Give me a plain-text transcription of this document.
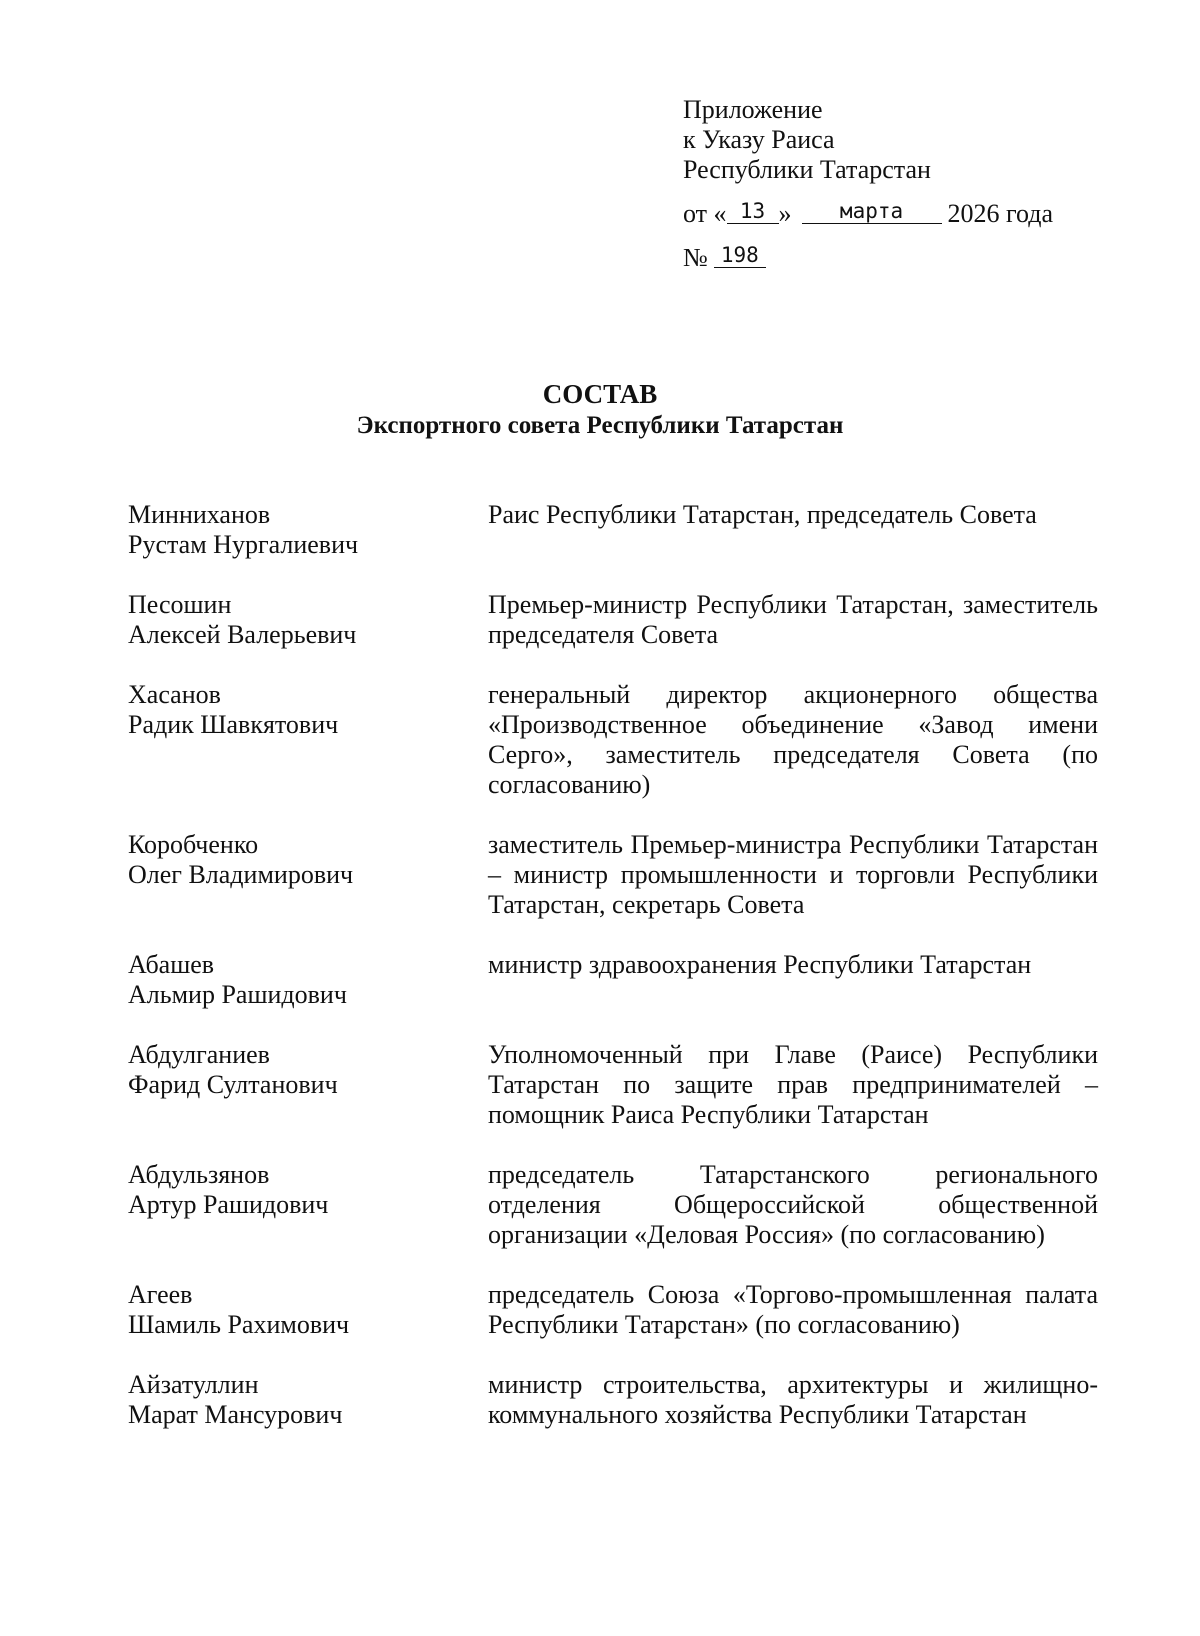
Приложение
к Указу Раиса
Республики Татарстан
от « 13 » марта 2026 года
№ 198
СОСТАВ
Экспортного совета Республики Татарстан
Минниханов
Рустам Нургалиевич
Раис Республики Татарстан, председатель Совета
Песошин
Алексей Валерьевич
Премьер-министр Республики Татарстан, заместитель председателя Совета
Хасанов
Радик Шавкятович
генеральный директор акционерного общества «Производственное объединение «Завод имени Серго», заместитель председателя Совета (по согласованию)
Коробченко
Олег Владимирович
заместитель Премьер-министра Республики Татарстан – министр промышленности и торговли Республики Татарстан, секретарь Совета
Абашев
Альмир Рашидович
министр здравоохранения Республики Татарстан
Абдулганиев
Фарид Султанович
Уполномоченный при Главе (Раисе) Республики Татарстан по защите прав предпринимателей – помощник Раиса Республики Татарстан
Абдульзянов
Артур Рашидович
председатель Татарстанского регионального отделения Общероссийской общественной организации «Деловая Россия» (по согласованию)
Агеев
Шамиль Рахимович
председатель Союза «Торгово-промышленная палата Республики Татарстан» (по согласованию)
Айзатуллин
Марат Мансурович
министр строительства, архитектуры и жилищно-коммунального хозяйства Республики Татарстан
